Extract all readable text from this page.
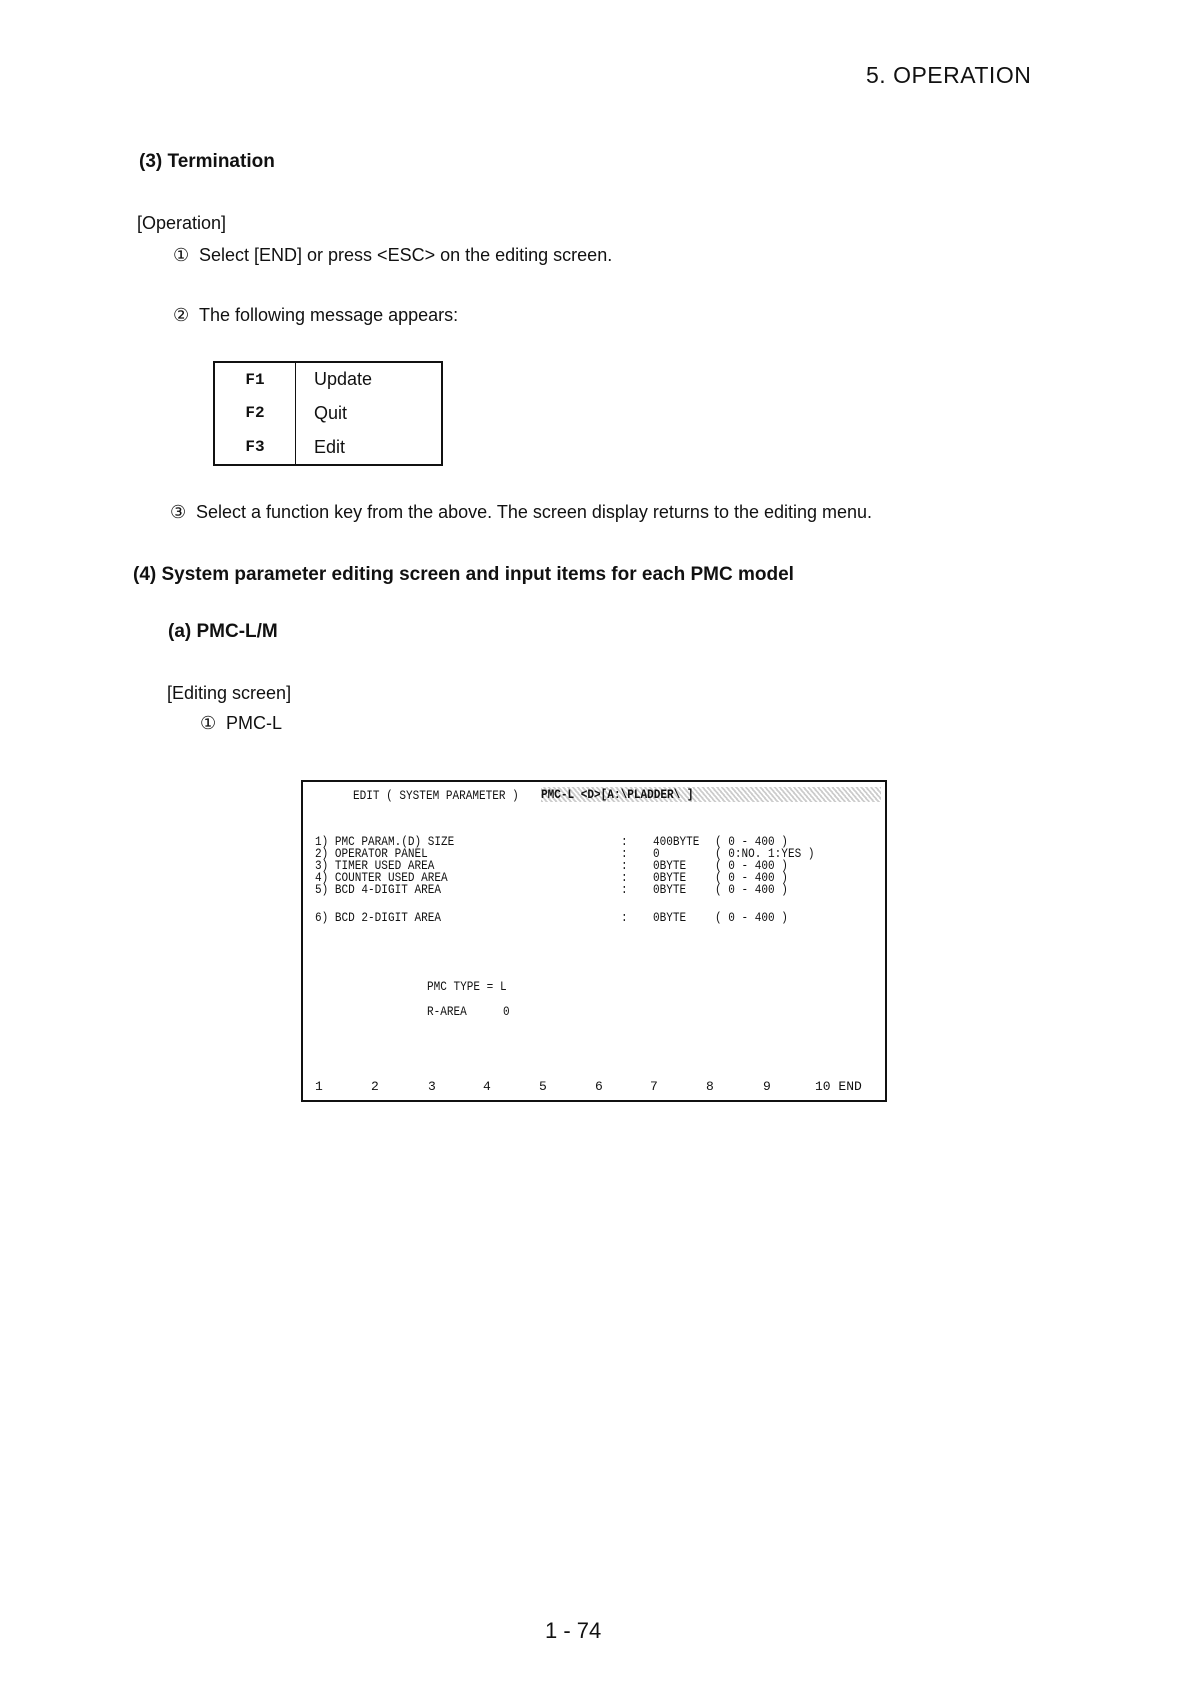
5. OPERATION
(3) Termination
[Operation]
① Select [END] or press <ESC> on the editing screen.
② The following message appears:
F1	Update
F2	Quit
F3	Edit
③ Select a function key from the above. The screen display returns to the editing menu.
(4) System parameter editing screen and input items for each PMC model
(a) PMC-L/M
[Editing screen]
① PMC-L
EDIT ( SYSTEM PARAMETER ) PMC-L <D>[A:\PLADDER\ ]
1) PMC PARAM.(D) SIZE	: 400BYTE ( 0 - 400 )
2) OPERATOR PANEL	: 0	( 0:NO. 1:YES )
3) TIMER USED AREA	: 0BYTE ( 0 - 400 )
4) COUNTER USED AREA	: 0BYTE ( 0 - 400 )
5) BCD 4-DIGIT AREA	: 0BYTE ( 0 - 400 )
6) BCD 2-DIGIT AREA	: 0BYTE ( 0 - 400 )
PMC TYPE = L
R-AREA	0
1	2	3	4	5	6	7	8	9	10 END
1 - 74
